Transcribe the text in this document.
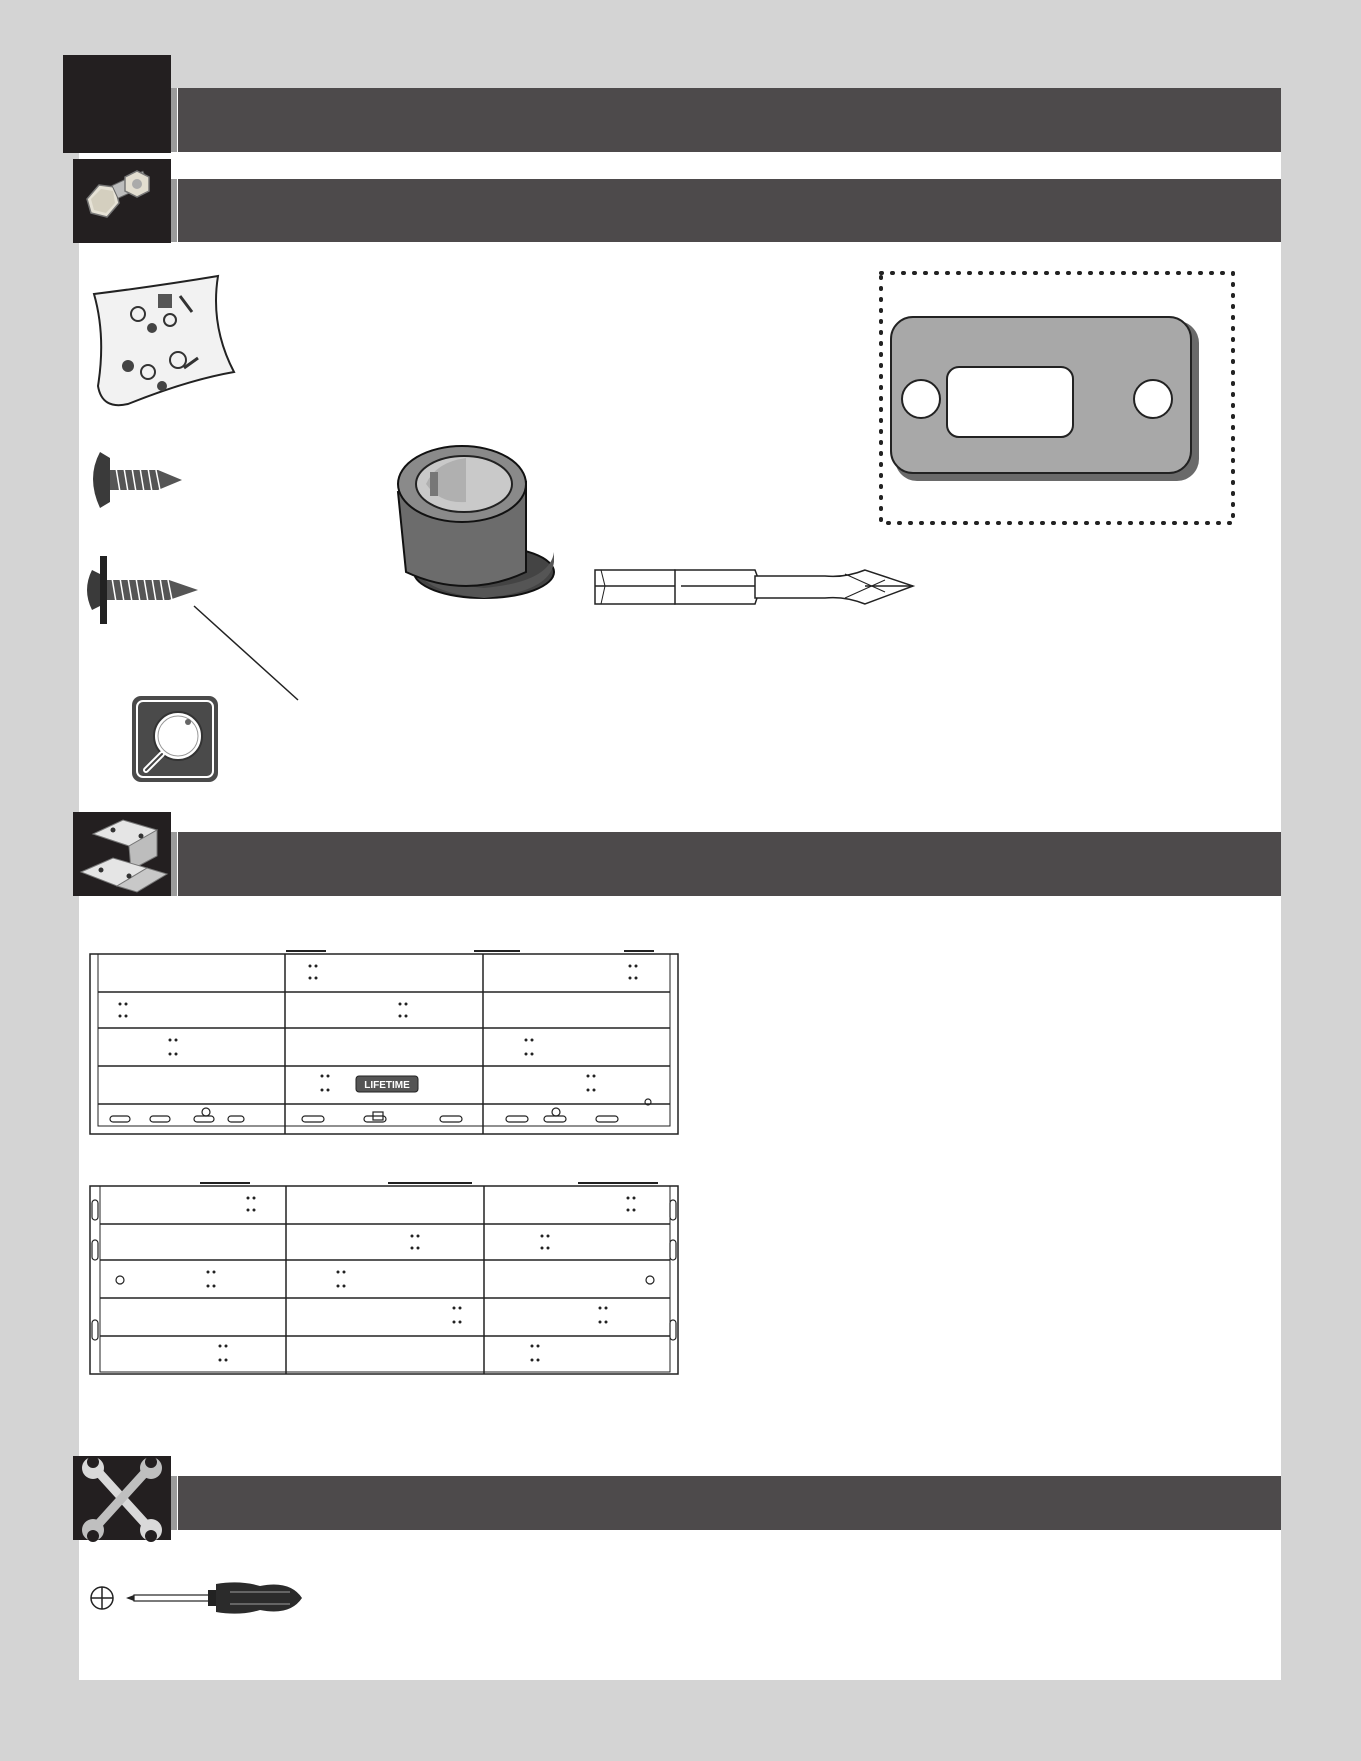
LIFETIME
